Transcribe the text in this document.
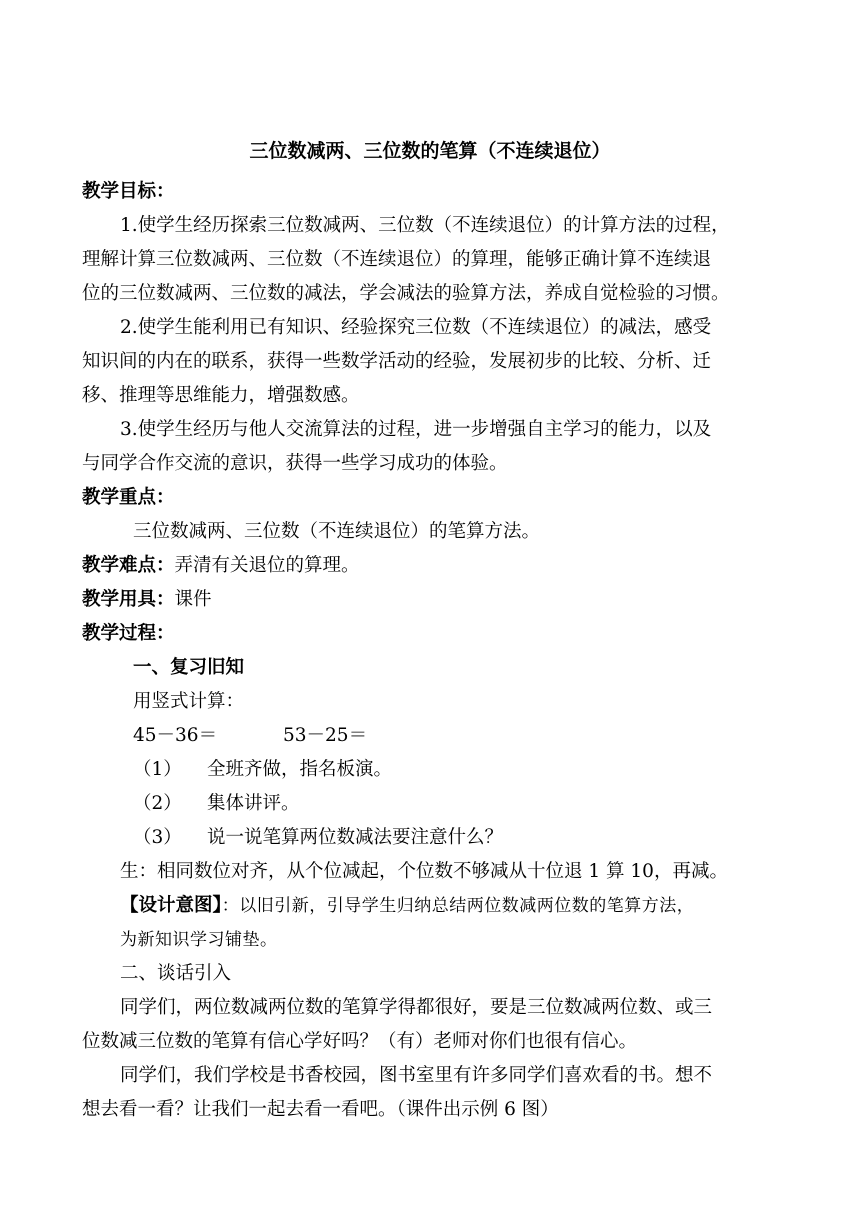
三位数减两、三位数的笔算（不连续退位）
教学目标：
1.使学生经历探索三位数减两、三位数（不连续退位）的计算方法的过程，
理解计算三位数减两、三位数（不连续退位）的算理，能够正确计算不连续退
位的三位数减两、三位数的减法，学会减法的验算方法，养成自觉检验的习惯。
2.使学生能利用已有知识、经验探究三位数（不连续退位）的减法，感受
知识间的内在的联系，获得一些数学活动的经验，发展初步的比较、分析、迁
移、推理等思维能力，增强数感。
3.使学生经历与他人交流算法的过程，进一步增强自主学习的能力，以及
与同学合作交流的意识，获得一些学习成功的体验。
教学重点：
三位数减两、三位数（不连续退位）的笔算方法。
教学难点：弄清有关退位的算理。
教学用具：课件
教学过程：
一、复习旧知
用竖式计算：
45－36＝	53－25＝
（1） 全班齐做，指名板演。
（2） 集体讲评。
（3） 说一说笔算两位数减法要注意什么？
生：相同数位对齐，从个位减起，个位数不够减从十位退 1 算 10，再减。
【设计意图】：以旧引新，引导学生归纳总结两位数减两位数的笔算方法，
为新知识学习铺垫。
二、谈话引入
同学们，两位数减两位数的笔算学得都很好，要是三位数减两位数、或三
位数减三位数的笔算有信心学好吗？（有）老师对你们也很有信心。
同学们，我们学校是书香校园，图书室里有许多同学们喜欢看的书。想不
想去看一看？让我们一起去看一看吧。（课件出示例 6 图）
